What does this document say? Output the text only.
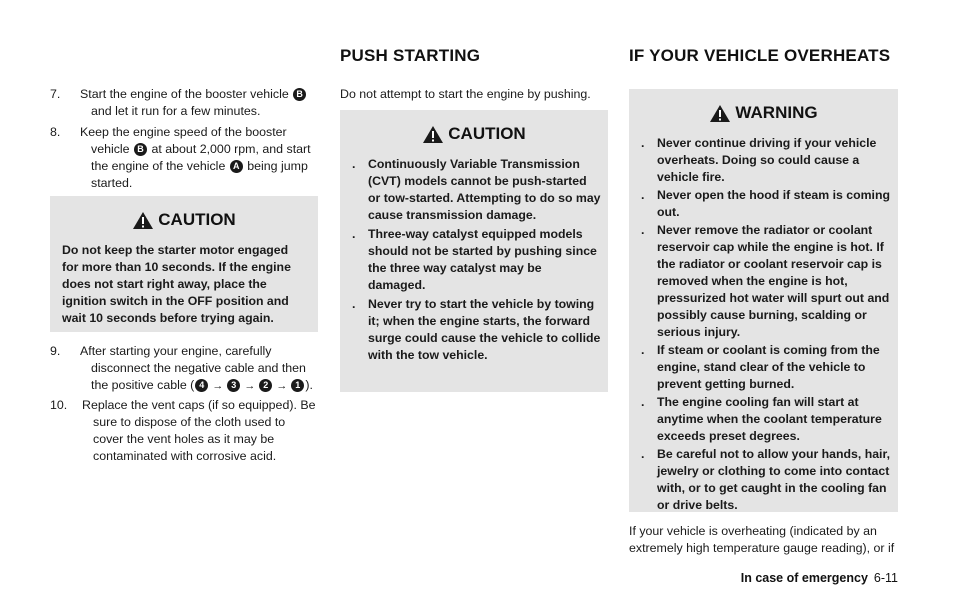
7.	Start the engine of the booster vehicle B and let it run for a few minutes.
8.	Keep the engine speed of the booster vehicle B at about 2,000 rpm, and start the engine of the vehicle A being jump started.
CAUTION
Do not keep the starter motor engaged for more than 10 seconds. If the engine does not start right away, place the ignition switch in the OFF position and wait 10 seconds before trying again.
9.	After starting your engine, carefully disconnect the negative cable and then the positive cable ( 4 → 3 → 2 → 1 ).
10.	Replace the vent caps (if so equipped). Be sure to dispose of the cloth used to cover the vent holes as it may be contaminated with corrosive acid.
PUSH STARTING
Do not attempt to start the engine by pushing.
CAUTION
. Continuously Variable Transmission (CVT) models cannot be push-started or tow-started. Attempting to do so may cause transmission damage.
. Three-way catalyst equipped models should not be started by pushing since the three way catalyst may be damaged.
. Never try to start the vehicle by towing it; when the engine starts, the forward surge could cause the vehicle to collide with the tow vehicle.
IF YOUR VEHICLE OVERHEATS
WARNING
. Never continue driving if your vehicle overheats. Doing so could cause a vehicle fire.
. Never open the hood if steam is coming out.
. Never remove the radiator or coolant reservoir cap while the engine is hot. If the radiator or coolant reservoir cap is removed when the engine is hot, pressurized hot water will spurt out and possibly cause burning, scalding or serious injury.
. If steam or coolant is coming from the engine, stand clear of the vehicle to prevent getting burned.
. The engine cooling fan will start at anytime when the coolant temperature exceeds preset degrees.
. Be careful not to allow your hands, hair, jewelry or clothing to come into contact with, or to get caught in the cooling fan or drive belts.
If your vehicle is overheating (indicated by an extremely high temperature gauge reading), or if
In case of emergency 6-11
